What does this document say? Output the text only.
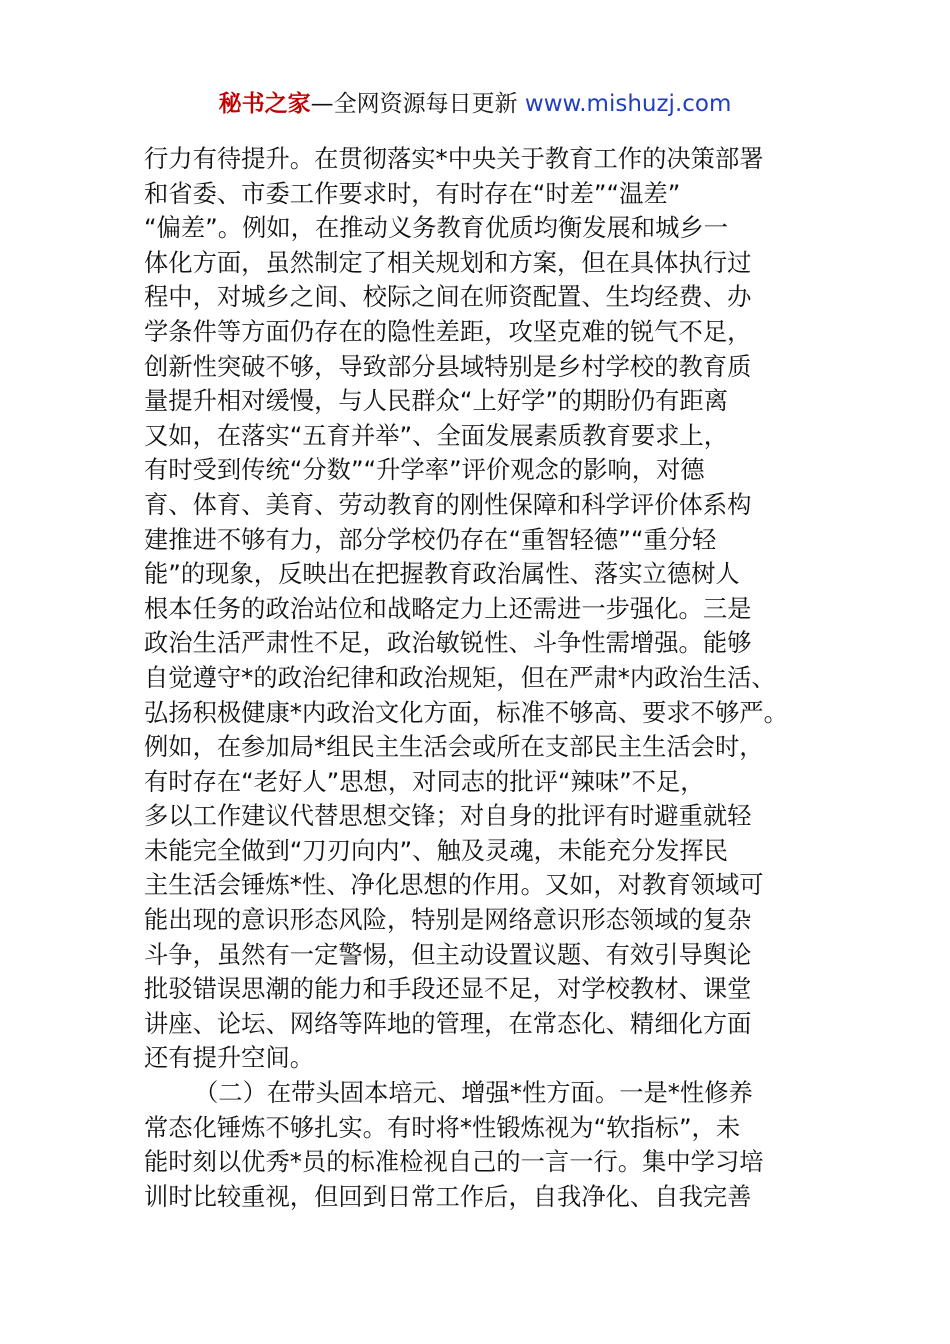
秘书之家—全网资源每日更新 www.mishuzj.com
行力有待提升。在贯彻落实*中央关于教育工作的决策部署
和省委、市委工作要求时，有时存在“时差”“温差”
“偏差”。例如，在推动义务教育优质均衡发展和城乡一
体化方面，虽然制定了相关规划和方案，但在具体执行过
程中，对城乡之间、校际之间在师资配置、生均经费、办
学条件等方面仍存在的隐性差距，攻坚克难的锐气不足，
创新性突破不够，导致部分县域特别是乡村学校的教育质
量提升相对缓慢，与人民群众“上好学”的期盼仍有距离
又如，在落实“五育并举”、全面发展素质教育要求上，
有时受到传统“分数”“升学率”评价观念的影响，对德
育、体育、美育、劳动教育的刚性保障和科学评价体系构
建推进不够有力，部分学校仍存在“重智轻德”“重分轻
能”的现象，反映出在把握教育政治属性、落实立德树人
根本任务的政治站位和战略定力上还需进一步强化。三是
政治生活严肃性不足，政治敏锐性、斗争性需增强。能够
自觉遵守*的政治纪律和政治规矩，但在严肃*内政治生活、
弘扬积极健康*内政治文化方面，标准不够高、要求不够严。
例如，在参加局*组民主生活会或所在支部民主生活会时，
有时存在“老好人”思想，对同志的批评“辣味”不足，
多以工作建议代替思想交锋；对自身的批评有时避重就轻
未能完全做到“刀刃向内”、触及灵魂，未能充分发挥民
主生活会锤炼*性、净化思想的作用。又如，对教育领域可
能出现的意识形态风险，特别是网络意识形态领域的复杂
斗争，虽然有一定警惕，但主动设置议题、有效引导舆论
批驳错误思潮的能力和手段还显不足，对学校教材、课堂
讲座、论坛、网络等阵地的管理，在常态化、精细化方面
还有提升空间。
（二）在带头固本培元、增强*性方面。一是*性修养
常态化锤炼不够扎实。有时将*性锻炼视为“软指标”，未
能时刻以优秀*员的标准检视自己的一言一行。集中学习培
训时比较重视，但回到日常工作后，自我净化、自我完善
